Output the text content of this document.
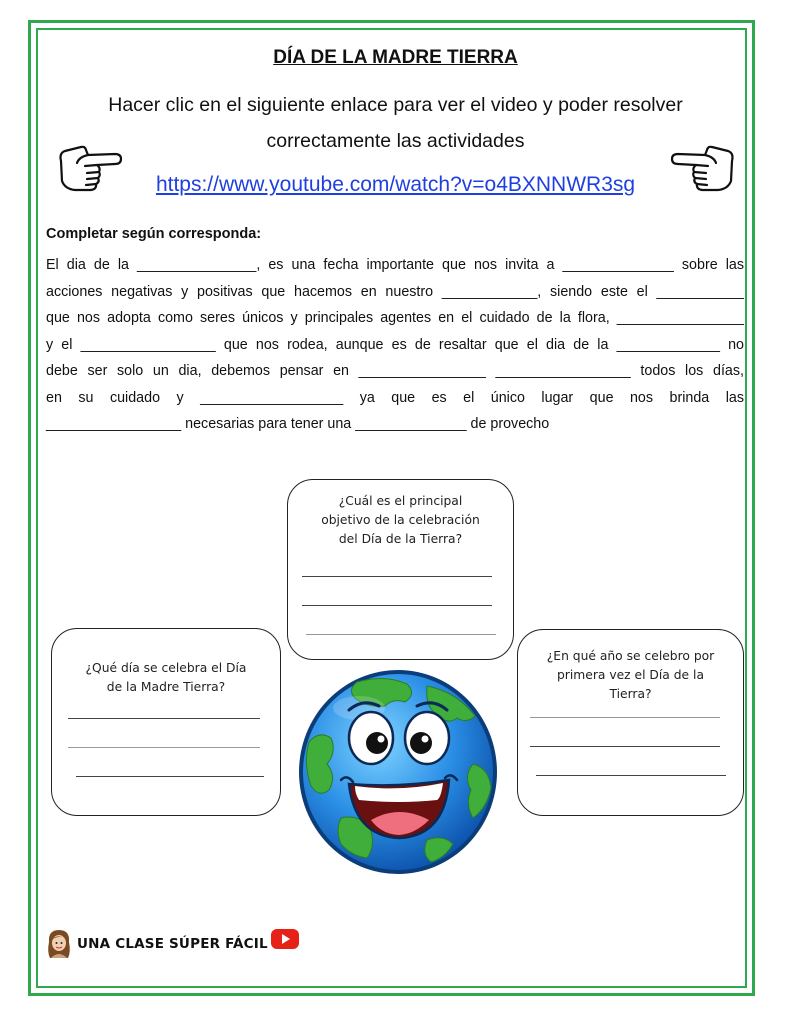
DÍA DE LA MADRE TIERRA
Hacer clic en el siguiente enlace para ver el video y poder resolver
correctamente las actividades
https://www.youtube.com/watch?v=o4BXNNWR3sg
Completar según corresponda:
El dia de la _______________, es una fecha importante que nos invita a ______________ sobre las
acciones negativas y positivas que hacemos en nuestro ____________, siendo este el ___________
que nos adopta como seres únicos y principales agentes en el cuidado de la flora, ________________
y el _________________ que nos rodea, aunque es de resaltar que el dia de la _____________ no
debe ser solo un dia, debemos pensar en ________________ _________________ todos los días,
en su cuidado y __________________ ya que es el único lugar que nos brinda las
_________________ necesarias para tener una ______________ de provecho
¿Cuál es el principal
objetivo de la celebración
del Día de la Tierra?
¿Qué día se celebra el Día
de la Madre Tierra?
¿En qué año se celebro por
primera vez el Día de la
Tierra?
UNA CLASE SÚPER FÁCIL
